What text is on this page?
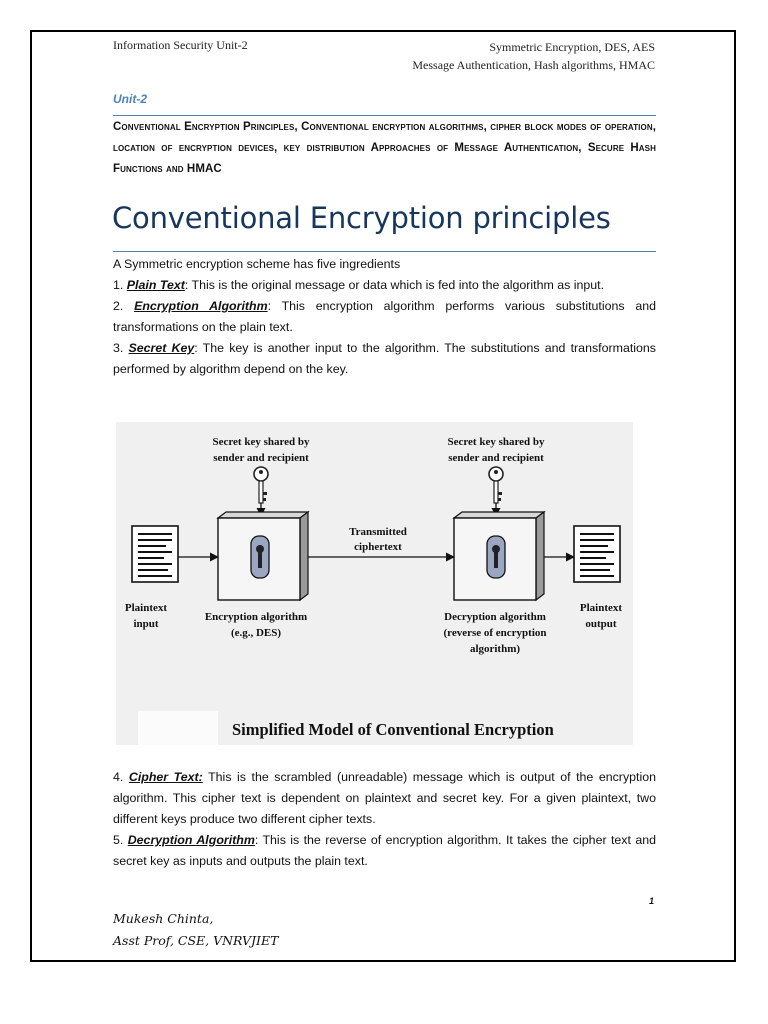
Information Security Unit-2	Symmetric Encryption, DES, AES
Message Authentication, Hash algorithms, HMAC
Unit-2
Conventional Encryption Principles, Conventional encryption algorithms, cipher block modes of operation, location of encryption devices, key distribution Approaches of Message Authentication, Secure Hash Functions and HMAC
Conventional Encryption principles

A Symmetric encryption scheme has five ingredients

1. Plain Text: This is the original message or data which is fed into the algorithm as input.

2. Encryption Algorithm: This encryption algorithm performs various substitutions and transformations on the plain text.

3. Secret Key: The key is another input to the algorithm. The substitutions and transformations performed by algorithm depend on the key.

Secret key shared by
sender and recipient
Secret key shared by
sender and recipient
Transmitted
ciphertext
Plaintext
input
Encryption algorithm
(e.g., DES)
Decryption algorithm
(reverse of encryption
algorithm)
Plaintext
output
Simplified Model of Conventional Encryption

4. Cipher Text: This is the scrambled (unreadable) message which is output of the encryption algorithm. This cipher text is dependent on plaintext and secret key. For a given plaintext, two different keys produce two different cipher texts.

5. Decryption Algorithm: This is the reverse of encryption algorithm. It takes the cipher text and secret key as inputs and outputs the plain text.

1
Mukesh Chinta,
Asst Prof, CSE, VNRVJIET
